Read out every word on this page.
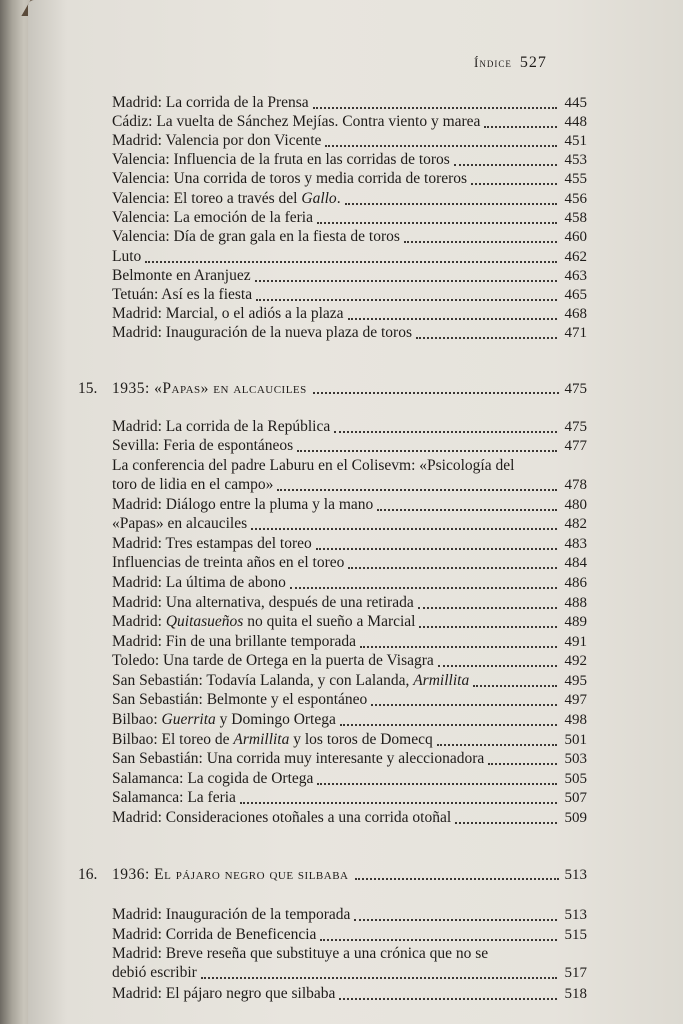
Índice 527
Madrid: La corrida de la Prensa	445
Cádiz: La vuelta de Sánchez Mejías. Contra viento y marea	448
Madrid: Valencia por don Vicente	451
Valencia: Influencia de la fruta en las corridas de toros	453
Valencia: Una corrida de toros y media corrida de toreros	455
Valencia: El toreo a través del Gallo.	456
Valencia: La emoción de la feria	458
Valencia: Día de gran gala en la fiesta de toros	460
Luto	462
Belmonte en Aranjuez	463
Tetuán: Así es la fiesta	465
Madrid: Marcial, o el adiós a la plaza	468
Madrid: Inauguración de la nueva plaza de toros	471
15. 1935: «Papas» en alcauciles	475
Madrid: La corrida de la República	475
Sevilla: Feria de espontáneos	477
La conferencia del padre Laburu en el Colisevm: «Psicología del
toro de lidia en el campo»	478
Madrid: Diálogo entre la pluma y la mano	480
«Papas» en alcauciles	482
Madrid: Tres estampas del toreo	483
Influencias de treinta años en el toreo	484
Madrid: La última de abono	486
Madrid: Una alternativa, después de una retirada	488
Madrid: Quitasueños no quita el sueño a Marcial	489
Madrid: Fin de una brillante temporada	491
Toledo: Una tarde de Ortega en la puerta de Visagra	492
San Sebastián: Todavía Lalanda, y con Lalanda, Armillita	495
San Sebastián: Belmonte y el espontáneo	497
Bilbao: Guerrita y Domingo Ortega	498
Bilbao: El toreo de Armillita y los toros de Domecq	501
San Sebastián: Una corrida muy interesante y aleccionadora	503
Salamanca: La cogida de Ortega	505
Salamanca: La feria	507
Madrid: Consideraciones otoñales a una corrida otoñal	509
16. 1936: El pájaro negro que silbaba	513
Madrid: Inauguración de la temporada	513
Madrid: Corrida de Beneficencia	515
Madrid: Breve reseña que substituye a una crónica que no se
debió escribir	517
Madrid: El pájaro negro que silbaba	518
